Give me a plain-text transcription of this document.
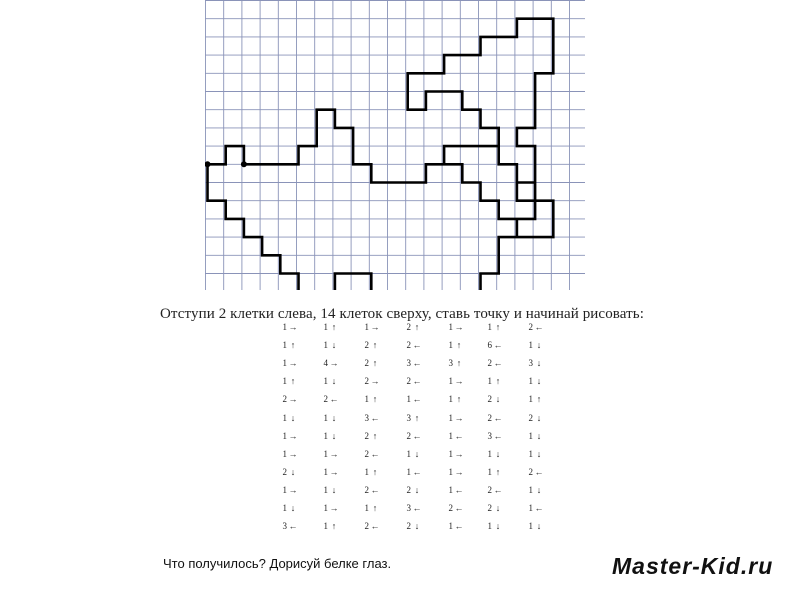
Отступи 2 клетки слева, 14 клеток сверху, ставь точку и начинай рисовать:
1 →
1 ↑
1 →
1 ↑
2 →
1 ↓
1 →
1 →
2 ↓
1 →
1 ↓
3 ←
1 ↑
1 ↓
4 →
1 ↓
2 ←
1 ↓
1 ↓
1 →
1 →
1 ↓
1 →
1 ↑
1 →
2 ↑
2 ↑
2 →
1 ↑
3 ←
2 ↑
2 ←
1 ↑
2 ←
1 ↑
2 ←
2 ↑
2 ←
3 ←
2 ←
1 ←
3 ↑
2 ←
1 ↓
1 ←
2 ↓
3 ←
2 ↓
1 →
1 ↑
3 ↑
1 →
1 ↑
1 →
1 ←
1 →
1 →
1 ←
2 ←
1 ←
1 ↑
6 ←
2 ←
1 ↑
2 ↓
2 ←
3 ←
1 ↓
1 ↑
2 ←
2 ↓
1 ↓
2 ←
1 ↓
3 ↓
1 ↓
1 ↑
2 ↓
1 ↓
1 ↓
2 ←
1 ↓
1 ←
1 ↓
Что получилось? Дорисуй белке глаз.	Master-Kid.ru
